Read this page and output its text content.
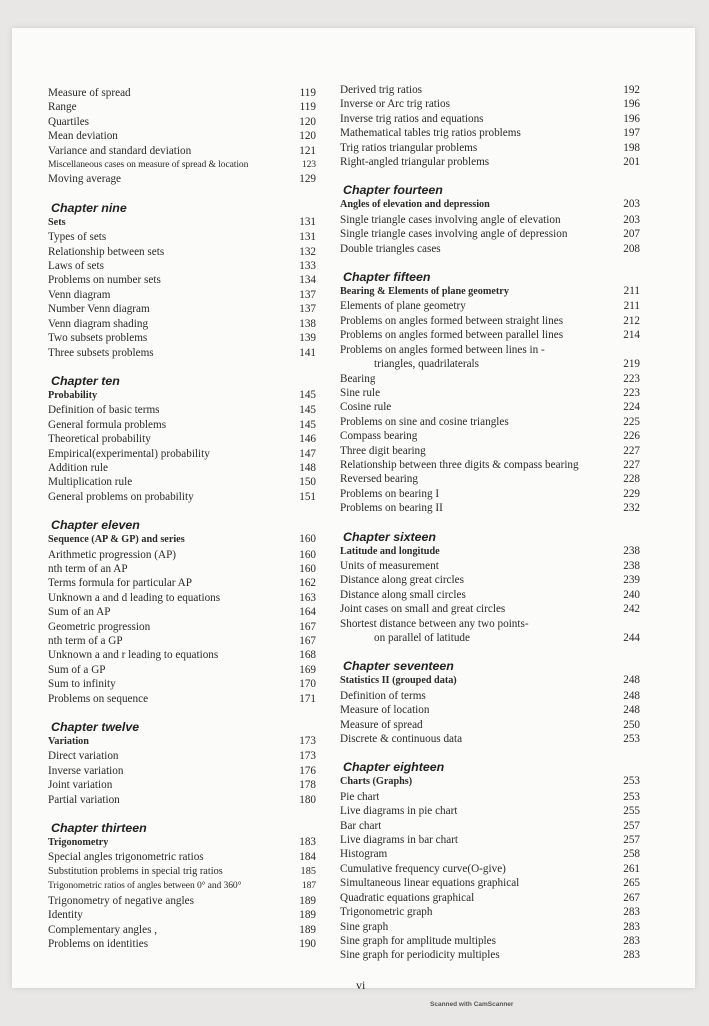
Measure of spread	119
Range	119
Quartiles	120
Mean deviation	120
Variance and standard deviation	121
Miscellaneous cases on measure of spread & location	123
Moving average	129
Chapter nine
Sets	131
Types of sets	131
Relationship between sets	132
Laws of sets	133
Problems on number sets	134
Venn diagram	137
Number Venn diagram	137
Venn diagram shading	138
Two subsets problems	139
Three subsets problems	141
Chapter ten
Probability	145
Definition of basic terms	145
General formula problems	145
Theoretical probability	146
Empirical(experimental) probability	147
Addition rule	148
Multiplication rule	150
General problems on probability	151
Chapter eleven
Sequence (AP & GP) and series	160
Arithmetic progression (AP)	160
nth term of an AP	160
Terms formula for particular AP	162
Unknown a and d leading to equations	163
Sum of an AP	164
Geometric progression	167
nth term of a GP	167
Unknown a and r leading to equations	168
Sum of a GP	169
Sum to infinity	170
Problems on sequence	171
Chapter twelve
Variation	173
Direct variation	173
Inverse variation	176
Joint variation	178
Partial variation	180
Chapter thirteen
Trigonometry	183
Special angles trigonometric ratios	184
Substitution problems in special trig ratios	185
Trigonometric ratios of angles between 0° and 360°	187
Trigonometry of negative angles	189
Identity	189
Complementary angles ,	189
Problems on identities	190
Derived trig ratios	192
Inverse or Arc trig ratios	196
Inverse trig ratios and equations	196
Mathematical tables trig ratios problems	197
Trig ratios triangular problems	198
Right-angled triangular problems	201
Chapter fourteen
Angles of elevation and depression	203
Single triangle cases involving angle of elevation	203
Single triangle cases involving angle of depression	207
Double triangles cases	208
Chapter fifteen
Bearing & Elements of plane geometry	211
Elements of plane geometry	211
Problems on angles formed between straight lines	212
Problems on angles formed between parallel lines	214
Problems on angles formed between lines in -
triangles, quadrilaterals	219
Bearing	223
Sine rule	223
Cosine rule	224
Problems on sine and cosine triangles	225
Compass bearing	226
Three digit bearing	227
Relationship between three digits & compass bearing	227
Reversed bearing	228
Problems on bearing I	229
Problems on bearing II	232
Chapter sixteen
Latitude and longitude	238
Units of measurement	238
Distance along great circles	239
Distance along small circles	240
Joint cases on small and great circles	242
Shortest distance between any two points-
on parallel of latitude	244
Chapter seventeen
Statistics II (grouped data)	248
Definition of terms	248
Measure of location	248
Measure of spread	250
Discrete & continuous data	253
Chapter eighteen
Charts (Graphs)	253
Pie chart	253
Live diagrams in pie chart	255
Bar chart	257
Live diagrams in bar chart	257
Histogram	258
Cumulative frequency curve(O-give)	261
Simultaneous linear equations graphical	265
Quadratic equations graphical	267
Trigonometric graph	283
Sine graph	283
Sine graph for amplitude multiples	283
Sine graph for periodicity multiples	283
vi
Scanned with CamScanner
